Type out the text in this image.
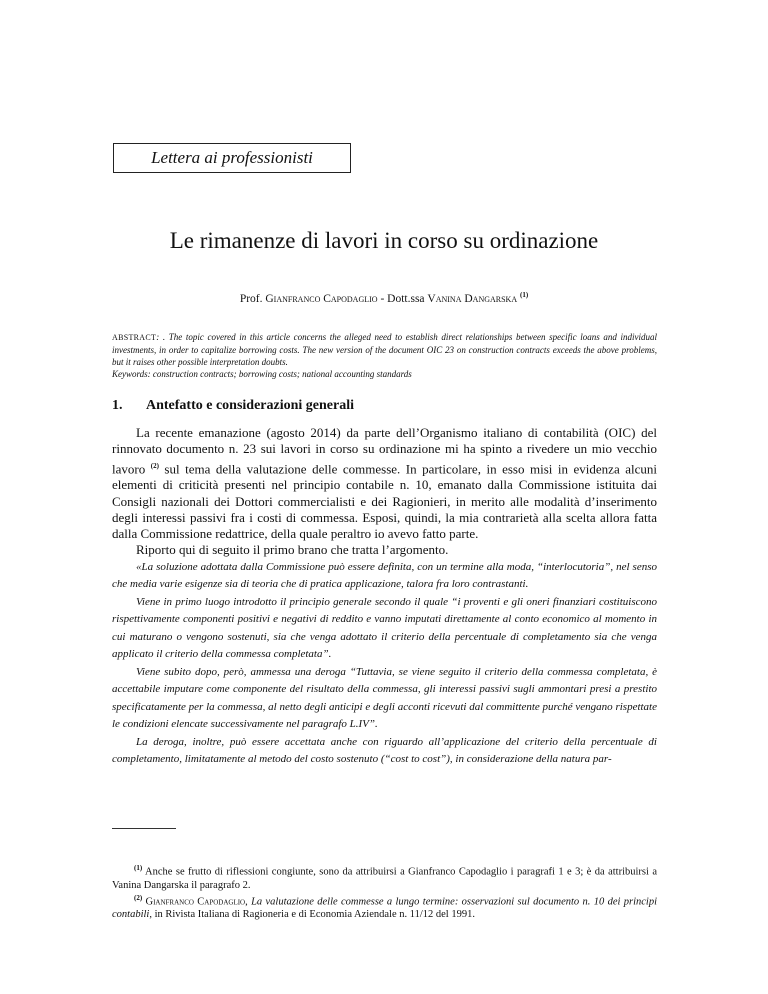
Lettera ai professionisti
Le rimanenze di lavori in corso su ordinazione
Prof. Gianfranco Capodaglio - Dott.ssa Vanina Dangarska $^{(1)}$
ABSTRACT: . The topic covered in this article concerns the alleged need to establish direct relationships between specific loans and individual investments, in order to capitalize borrowing costs. The new version of the document OIC 23 on construction contracts exceeds the above problems, but it raises other possible interpretation doubts.
Keywords: construction contracts; borrowing costs; national accounting standards
1. Antefatto e considerazioni generali

La recente emanazione (agosto 2014) da parte dell’Organismo italiano di contabilità (OIC) del rinnovato documento n. 23 sui lavori in corso su ordinazione mi ha spinto a rivedere un mio vecchio lavoro $^{(2)}$ sul tema della valutazione delle commesse. In particolare, in esso misi in evidenza alcuni elementi di criticità presenti nel principio contabile n. 10, emanato dalla Commissione istituita dai Consigli nazionali dei Dottori commercialisti e dei Ragionieri, in merito alle modalità d’inserimento degli interessi passivi fra i costi di commessa. Esposi, quindi, la mia contrarietà alla scelta allora fatta dalla Commissione redattrice, della quale peraltro io avevo fatto parte.

Riporto qui di seguito il primo brano che tratta l’argomento.

«La soluzione adottata dalla Commissione può essere definita, con un termine alla moda, “interlocutoria”, nel senso che media varie esigenze sia di teoria che di pratica applicazione, talora fra loro contrastanti.

Viene in primo luogo introdotto il principio generale secondo il quale “i proventi e gli oneri finanziari costituiscono rispettivamente componenti positivi e negativi di reddito e vanno imputati direttamente al conto economico al momento in cui maturano o vengono sostenuti, sia che venga adottato il criterio della percentuale di completamento sia che venga applicato il criterio della commessa completata”.

Viene subito dopo, però, ammessa una deroga “Tuttavia, se viene seguito il criterio della commessa completata, è accettabile imputare come componente del risultato della commessa, gli interessi passivi sugli ammontari presi a prestito specificatamente per la commessa, al netto degli anticipi e degli acconti ricevuti dal committente purché vengano rispettate le condizioni elencate successivamente nel paragrafo L.IV”.

La deroga, inoltre, può essere accettata anche con riguardo all’applicazione del criterio della percentuale di completamento, limitatamente al metodo del costo sostenuto (“cost to cost”), in considerazione della natura par-

$^{(1)}$ Anche se frutto di riflessioni congiunte, sono da attribuirsi a Gianfranco Capodaglio i paragrafi 1 e 3; è da attribuirsi a Vanina Dangarska il paragrafo 2.

$^{(2)}$ Gianfranco Capodaglio, La valutazione delle commesse a lungo termine: osservazioni sul documento n. 10 dei principi contabili, in Rivista Italiana di Ragioneria e di Economia Aziendale n. 11/12 del 1991.
